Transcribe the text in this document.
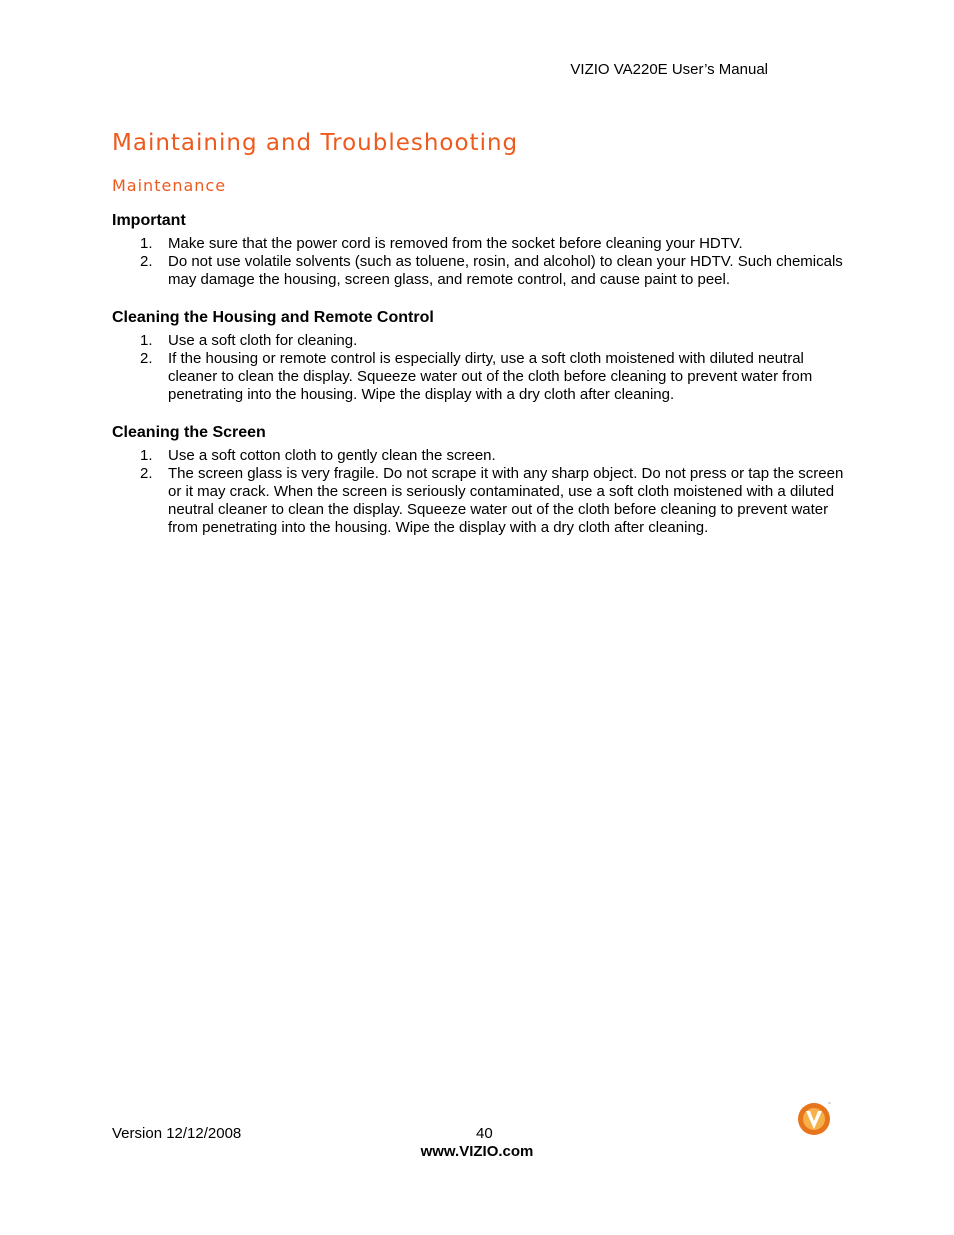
VIZIO VA220E User’s Manual
Maintaining and Troubleshooting
Maintenance
Important
1.	Make sure that the power cord is removed from the socket before cleaning your HDTV.
2.	Do not use volatile solvents (such as toluene, rosin, and alcohol) to clean your HDTV. Such chemicals may damage the housing, screen glass, and remote control, and cause paint to peel.
Cleaning the Housing and Remote Control
1.	Use a soft cloth for cleaning.
2.	If the housing or remote control is especially dirty, use a soft cloth moistened with diluted neutral cleaner to clean the display. Squeeze water out of the cloth before cleaning to prevent water from penetrating into the housing. Wipe the display with a dry cloth after cleaning.
Cleaning the Screen
1.	Use a soft cotton cloth to gently clean the screen.
2.	The screen glass is very fragile. Do not scrape it with any sharp object. Do not press or tap the screen or it may crack. When the screen is seriously contaminated, use a soft cloth moistened with a diluted neutral cleaner to clean the display. Squeeze water out of the cloth before cleaning to prevent water from penetrating into the housing. Wipe the display with a dry cloth after cleaning.
Version 12/12/2008	40
www.VIZIO.com
™
